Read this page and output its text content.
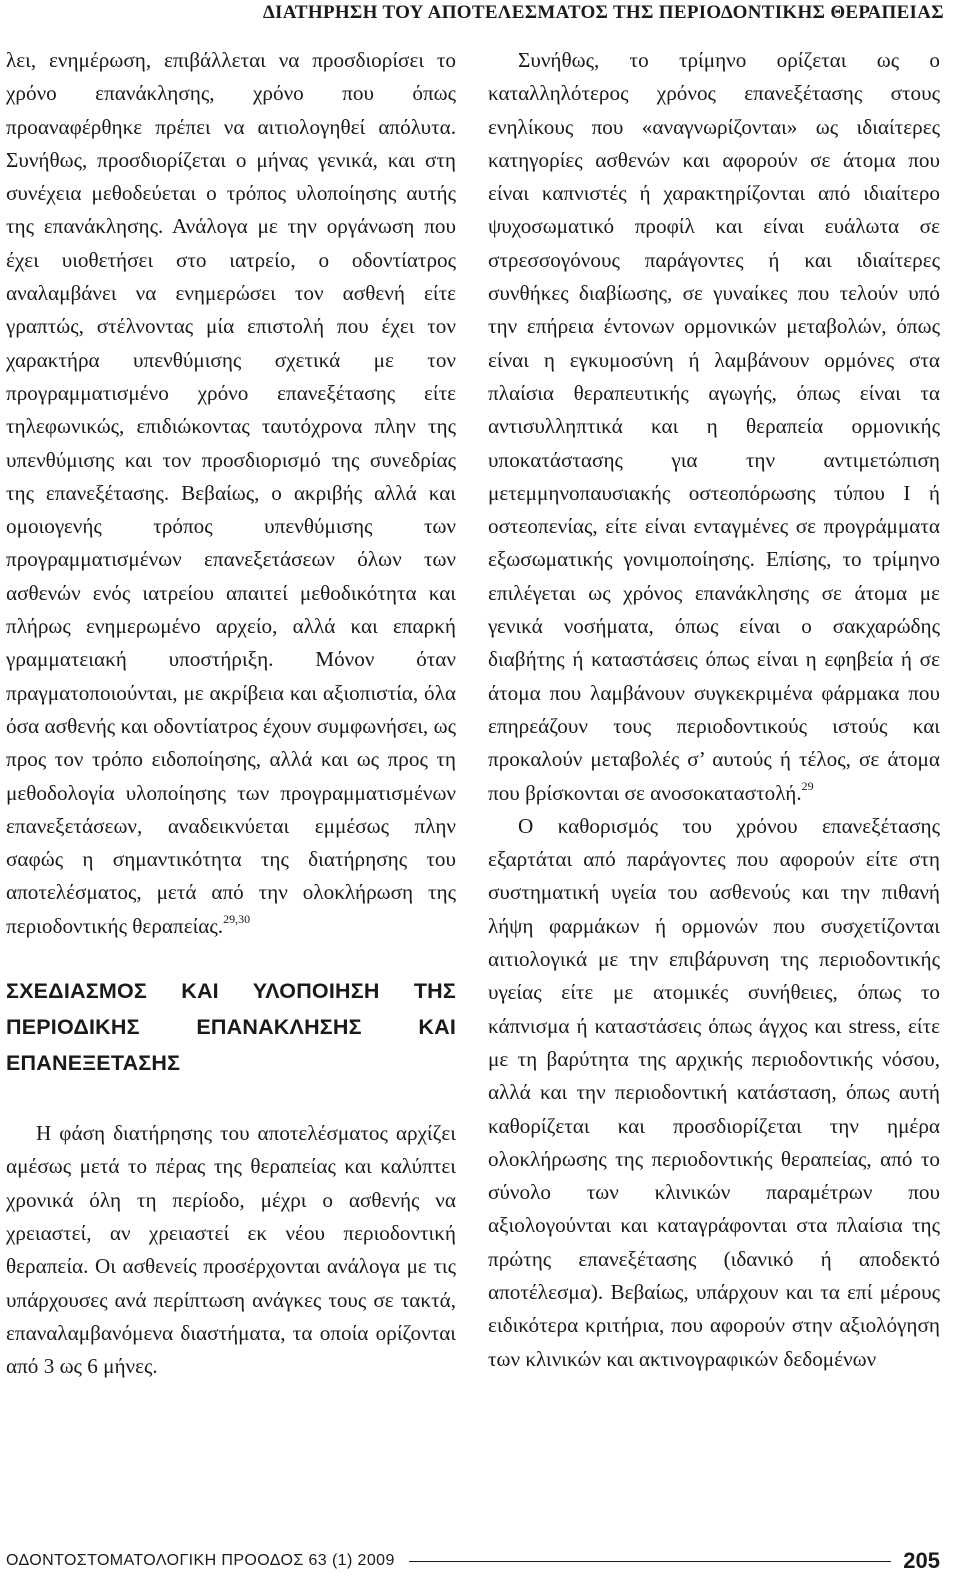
ΔΙΑΤΗΡΗΣΗ ΤΟΥ ΑΠΟΤΕΛΕΣΜΑΤΟΣ ΤΗΣ ΠΕΡΙΟΔΟΝΤΙΚΗΣ ΘΕΡΑΠΕΙΑΣ

λει, ενημέρωση, επιβάλλεται να προσδιορίσει το χρόνο επανάκλησης, χρόνο που όπως προαναφέρθηκε πρέπει να αιτιολογηθεί απόλυτα. Συνήθως, προσδιορίζεται ο μήνας γενικά, και στη συνέχεια μεθοδεύεται ο τρόπος υλοποίησης αυτής της επανάκλησης. Ανάλογα με την οργάνωση που έχει υιοθετήσει στο ιατρείο, ο οδοντίατρος αναλαμβάνει να ενημερώσει τον ασθενή είτε γραπτώς, στέλνοντας μία επιστολή που έχει τον χαρακτήρα υπενθύμισης σχετικά με τον προγραμματισμένο χρόνο επανεξέτασης είτε τηλεφωνικώς, επιδιώκοντας ταυτόχρονα πλην της υπενθύμισης και τον προσδιορισμό της συνεδρίας της επανεξέτασης. Βεβαίως, ο ακριβής αλλά και ομοιογενής τρόπος υπενθύμισης των προγραμματισμένων επανεξετάσεων όλων των ασθενών ενός ιατρείου απαιτεί μεθοδικότητα και πλήρως ενημερωμένο αρχείο, αλλά και επαρκή γραμματειακή υποστήριξη. Μόνον όταν πραγματοποιούνται, με ακρίβεια και αξιοπιστία, όλα όσα ασθενής και οδοντίατρος έχουν συμφωνήσει, ως προς τον τρόπο ειδοποίησης, αλλά και ως προς τη μεθοδολογία υλοποίησης των προγραμματισμένων επανεξετάσεων, αναδεικνύεται εμμέσως πλην σαφώς η σημαντικότητα της διατήρησης του αποτελέσματος, μετά από την ολοκλήρωση της περιοδοντικής θεραπείας.$^{29,30}$

ΣΧΕΔΙΑΣΜΟΣ ΚΑΙ ΥΛΟΠΟΙΗΣΗ ΤΗΣ ΠΕΡΙΟΔΙΚΗΣ ΕΠΑΝΑΚΛΗΣΗΣ ΚΑΙ ΕΠΑΝΕΞΕΤΑΣΗΣ

Η φάση διατήρησης του αποτελέσματος αρχίζει αμέσως μετά το πέρας της θεραπείας και καλύπτει χρονικά όλη τη περίοδο, μέχρι ο ασθενής να χρειαστεί, αν χρειαστεί εκ νέου περιοδοντική θεραπεία. Οι ασθενείς προσέρχονται ανάλογα με τις υπάρχουσες ανά περίπτωση ανάγκες τους σε τακτά, επαναλαμβανόμενα διαστήματα, τα οποία ορίζονται από 3 ως 6 μήνες.

Συνήθως, το τρίμηνο ορίζεται ως ο καταλληλότερος χρόνος επανεξέτασης στους ενηλίκους που «αναγνωρίζονται» ως ιδιαίτερες κατηγορίες ασθενών και αφορούν σε άτομα που είναι καπνιστές ή χαρακτηρίζονται από ιδιαίτερο ψυχοσωματικό προφίλ και είναι ευάλωτα σε στρεσσογόνους παράγοντες ή και ιδιαίτερες συνθήκες διαβίωσης, σε γυναίκες που τελούν υπό την επήρεια έντονων ορμονικών μεταβολών, όπως είναι η εγκυμοσύνη ή λαμβάνουν ορμόνες στα πλαίσια θεραπευτικής αγωγής, όπως είναι τα αντισυλληπτικά και η θεραπεία ορμονικής υποκατάστασης για την αντιμετώπιση μετεμμηνοπαυσιακής οστεοπόρωσης τύπου I ή οστεοπενίας, είτε είναι ενταγμένες σε προγράμματα εξωσωματικής γονιμοποίησης. Επίσης, το τρίμηνο επιλέγεται ως χρόνος επανάκλησης σε άτομα με γενικά νοσήματα, όπως είναι ο σακχαρώδης διαβήτης ή καταστάσεις όπως είναι η εφηβεία ή σε άτομα που λαμβάνουν συγκεκριμένα φάρμακα που επηρεάζουν τους περιοδοντικούς ιστούς και προκαλούν μεταβολές σ’ αυτούς ή τέλος, σε άτομα που βρίσκονται σε ανοσοκαταστολή.$^{29}$

Ο καθορισμός του χρόνου επανεξέτασης εξαρτάται από παράγοντες που αφορούν είτε στη συστηματική υγεία του ασθενούς και την πιθανή λήψη φαρμάκων ή ορμονών που συσχετίζονται αιτιολογικά με την επιβάρυνση της περιοδοντικής υγείας είτε με ατομικές συνήθειες, όπως το κάπνισμα ή καταστάσεις όπως άγχος και stress, είτε με τη βαρύτητα της αρχικής περιοδοντικής νόσου, αλλά και την περιοδοντική κατάσταση, όπως αυτή καθορίζεται και προσδιορίζεται την ημέρα ολοκλήρωσης της περιοδοντικής θεραπείας, από το σύνολο των κλινικών παραμέτρων που αξιολογούνται και καταγράφονται στα πλαίσια της πρώτης επανεξέτασης (ιδανικό ή αποδεκτό αποτέλεσμα). Βεβαίως, υπάρχουν και τα επί μέρους ειδικότερα κριτήρια, που αφορούν στην αξιολόγηση των κλινικών και ακτινογραφικών δεδομένων

ΟΔΟΝΤΟΣΤΟΜΑΤΟΛΟΓΙΚΗ ΠΡΟΟΔΟΣ 63 (1) 2009	205
